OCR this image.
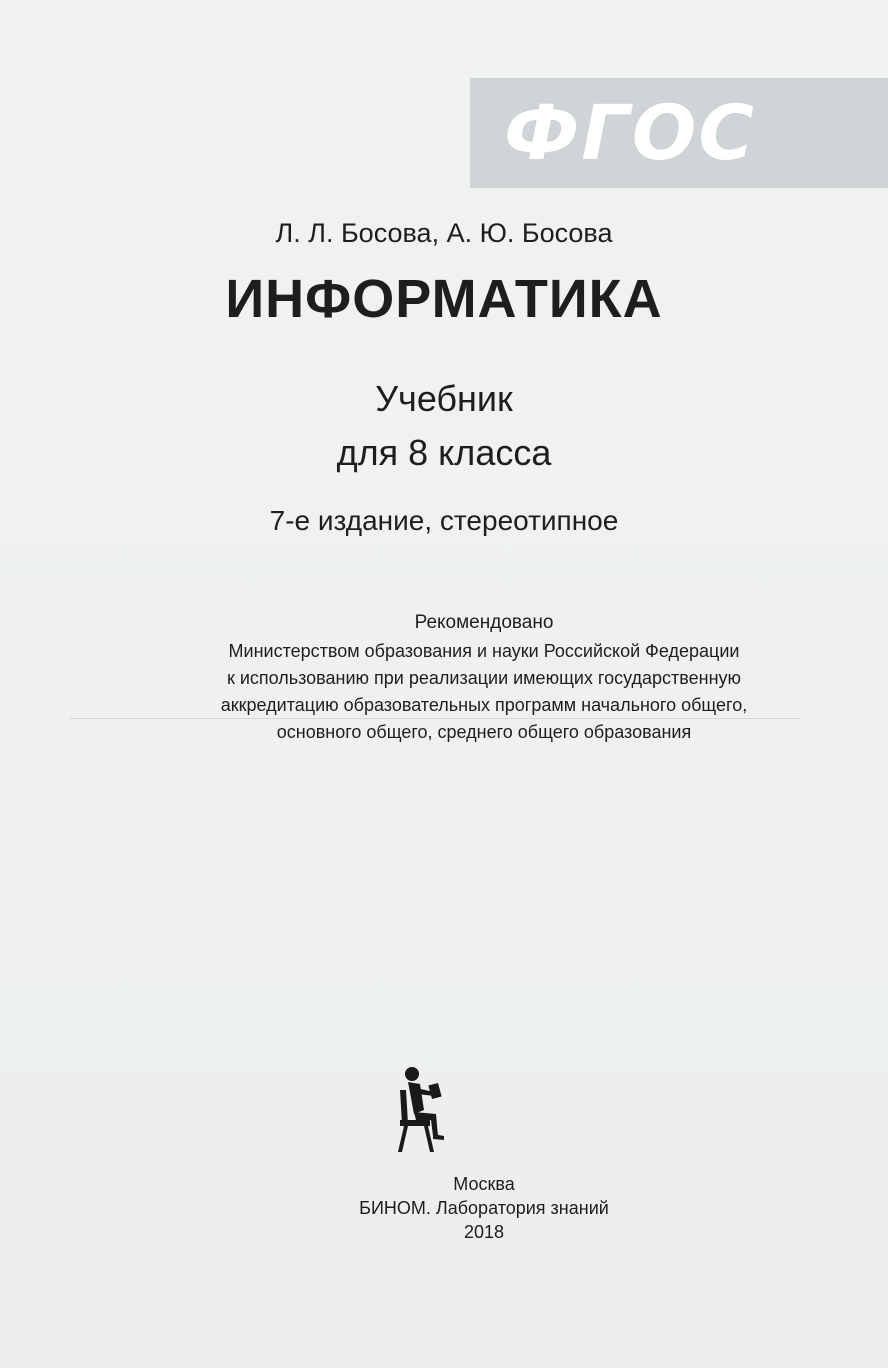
ФГОС
Л. Л. Босова, А. Ю. Босова
ИНФОРМАТИКА
Учебник
для 8 класса
7-е издание, стереотипное
Рекомендовано
Министерством образования и науки Российской Федерации
к использованию при реализации имеющих государственную
аккредитацию образовательных программ начального общего,
основного общего, среднего общего образования
Москва
БИНОМ. Лаборатория знаний
2018
